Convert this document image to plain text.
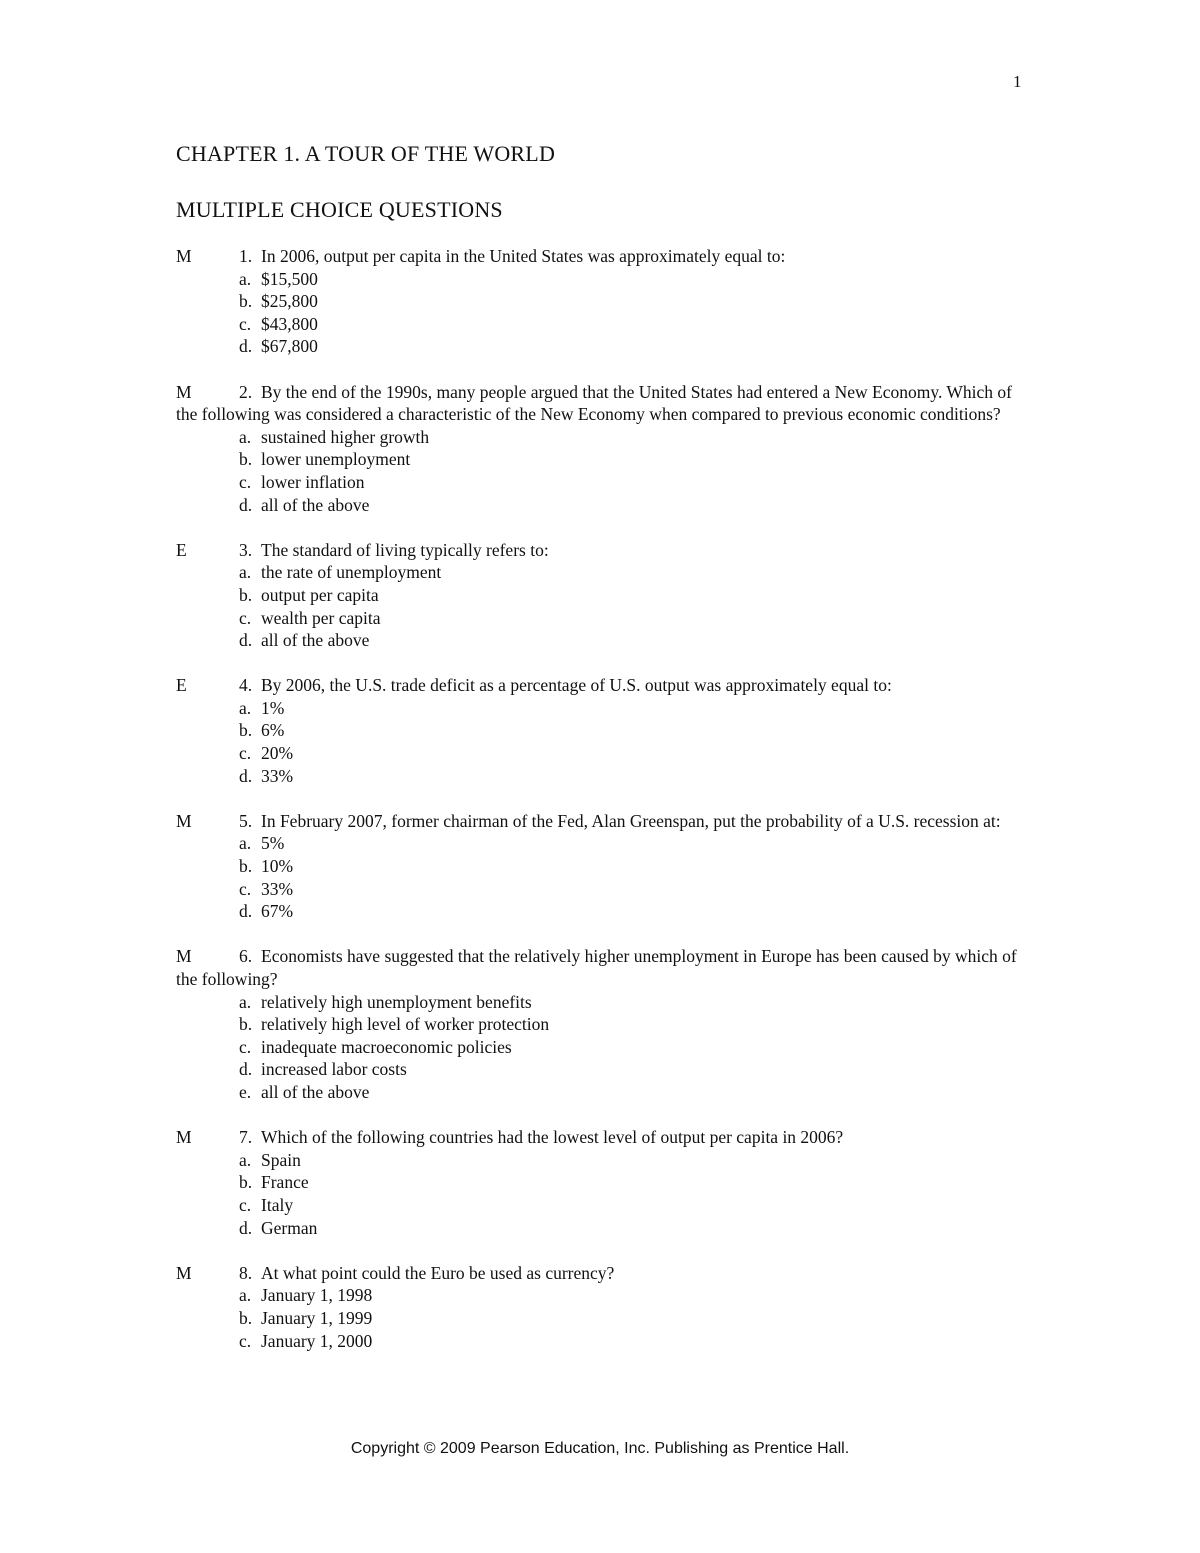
1
CHAPTER 1. A TOUR OF THE WORLD
MULTIPLE CHOICE QUESTIONS
M	1. In 2006, output per capita in the United States was approximately equal to:
a. $15,500
b. $25,800
c. $43,800
d. $67,800
M	2. By the end of the 1990s, many people argued that the United States had entered a New Economy. Which of the following was considered a characteristic of the New Economy when compared to previous economic conditions?
a. sustained higher growth
b. lower unemployment
c. lower inflation
d. all of the above
E	3. The standard of living typically refers to:
a. the rate of unemployment
b. output per capita
c. wealth per capita
d. all of the above
E	4. By 2006, the U.S. trade deficit as a percentage of U.S. output was approximately equal to:
a. 1%
b. 6%
c. 20%
d. 33%
M	5. In February 2007, former chairman of the Fed, Alan Greenspan, put the probability of a U.S. recession at:
a. 5%
b. 10%
c. 33%
d. 67%
M	6. Economists have suggested that the relatively higher unemployment in Europe has been caused by which of the following?
a. relatively high unemployment benefits
b. relatively high level of worker protection
c. inadequate macroeconomic policies
d. increased labor costs
e. all of the above
M	7. Which of the following countries had the lowest level of output per capita in 2006?
a. Spain
b. France
c. Italy
d. German
M	8. At what point could the Euro be used as currency?
a. January 1, 1998
b. January 1, 1999
c. January 1, 2000
Copyright © 2009 Pearson Education, Inc. Publishing as Prentice Hall.
